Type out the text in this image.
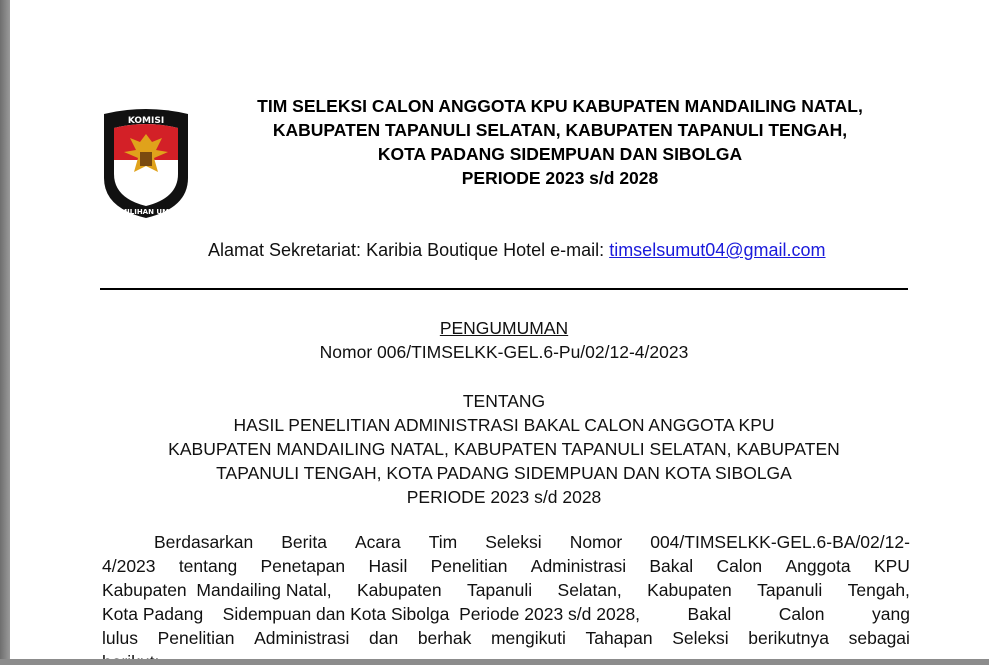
KOMISI
PEMILIHAN UMUM
TIM SELEKSI CALON ANGGOTA KPU KABUPATEN MANDAILING NATAL,
KABUPATEN TAPANULI SELATAN, KABUPATEN TAPANULI TENGAH,
KOTA PADANG SIDEMPUAN DAN SIBOLGA
PERIODE 2023 s/d 2028
Alamat Sekretariat: Karibia Boutique Hotel e-mail: timselsumut04@gmail.com
PENGUMUMAN
Nomor 006/TIMSELKK-GEL.6-Pu/02/12-4/2023
TENTANG
HASIL PENELITIAN ADMINISTRASI BAKAL CALON ANGGOTA KPU
KABUPATEN MANDAILING NATAL, KABUPATEN TAPANULI SELATAN, KABUPATEN
TAPANULI TENGAH, KOTA PADANG SIDEMPUAN DAN KOTA SIBOLGA
PERIODE 2023 s/d 2028
Berdasarkan Berita Acara Tim Seleksi Nomor 004/TIMSELKK-GEL.6-BA/02/12-
4/2023 tentang Penetapan Hasil Penelitian Administrasi Bakal Calon Anggota KPU
Kabupaten  Mandailing Natal, Kabupaten Tapanuli Selatan, Kabupaten Tapanuli Tengah,
Kota Padang    Sidempuan dan Kota Sibolga  Periode 2023 s/d 2028,	Bakal	Calon	yang
lulus Penelitian Administrasi dan berhak mengikuti Tahapan Seleksi berikutnya sebagai
